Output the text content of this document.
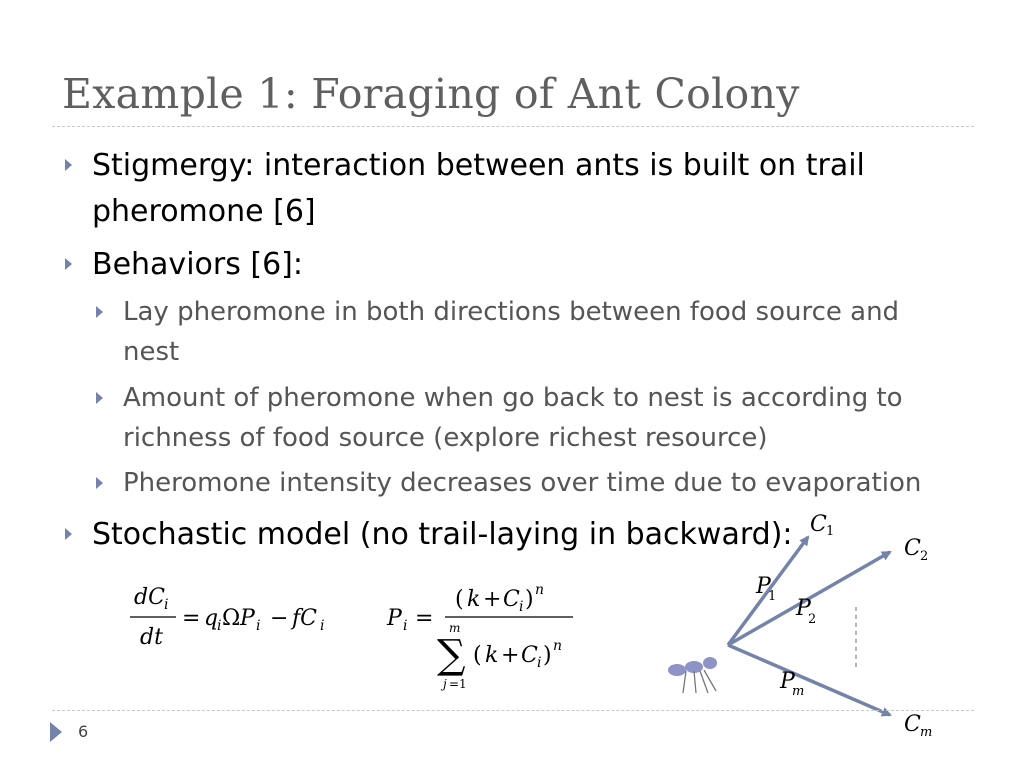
Example 1: Foraging of Ant Colony
Stigmergy: interaction between ants is built on trail
pheromone [6]
Behaviors [6]:
Lay pheromone in both directions between food source and
nest
Amount of pheromone when go back to nest is according to
richness of food source (explore richest resource)
Pheromone intensity decreases over time due to evaporation
Stochastic model (no trail-laying in backward):
dC i
dt
= q
i Ω P i − fC i	P i =
( k + C i ) n
m
∑
j =1
( k + C i ) n
C 1
C 2
C m
P
1 P
2
P
m
6
